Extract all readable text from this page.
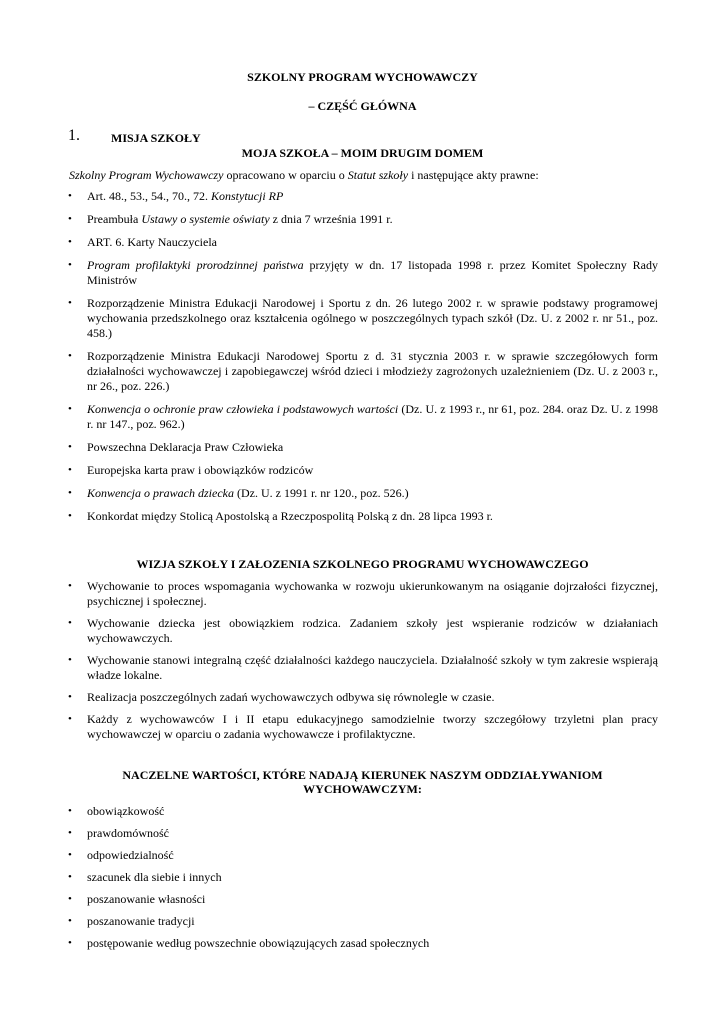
SZKOLNY PROGRAM WYCHOWAWCZY
– CZĘŚĆ GŁÓWNA
1.	MISJA SZKOŁY
MOJA SZKOŁA – MOIM DRUGIM DOMEM
Szkolny Program Wychowawczy opracowano w oparciu o Statut szkoły i następujące akty prawne:
• Art. 48., 53., 54., 70., 72. Konstytucji RP
• Preambuła Ustawy o systemie oświaty z dnia 7 września 1991 r.
• ART. 6. Karty Nauczyciela
• Program profilaktyki prorodzinnej państwa przyjęty w dn. 17 listopada 1998 r. przez Komitet Społeczny Rady Ministrów
• Rozporządzenie Ministra Edukacji Narodowej i Sportu z dn. 26 lutego 2002 r. w sprawie podstawy programowej wychowania przedszkolnego oraz kształcenia ogólnego w poszczególnych typach szkół (Dz. U. z 2002 r. nr 51., poz. 458.)
• Rozporządzenie Ministra Edukacji Narodowej Sportu z d. 31 stycznia 2003 r. w sprawie szczegółowych form działalności wychowawczej i zapobiegawczej wśród dzieci i młodzieży zagrożonych uzależnieniem (Dz. U. z 2003 r., nr 26., poz. 226.)
• Konwencja o ochronie praw człowieka i podstawowych wartości (Dz. U. z 1993 r., nr 61, poz. 284. oraz Dz. U. z 1998 r. nr 147., poz. 962.)
• Powszechna Deklaracja Praw Człowieka
• Europejska karta praw i obowiązków rodziców
• Konwencja o prawach dziecka (Dz. U. z 1991 r. nr 120., poz. 526.)
• Konkordat między Stolicą Apostolską a Rzeczpospolitą Polską z dn. 28 lipca 1993 r.
WIZJA SZKOŁY I ZAŁOZENIA SZKOLNEGO PROGRAMU WYCHOWAWCZEGO
• Wychowanie to proces wspomagania wychowanka w rozwoju ukierunkowanym na osiąganie dojrzałości fizycznej, psychicznej i społecznej.
• Wychowanie dziecka jest obowiązkiem rodzica. Zadaniem szkoły jest wspieranie rodziców w działaniach wychowawczych.
• Wychowanie stanowi integralną część działalności każdego nauczyciela. Działalność szkoły w tym zakresie wspierają władze lokalne.
• Realizacja poszczególnych zadań wychowawczych odbywa się równolegle w czasie.
• Każdy z wychowawców I i II etapu edukacyjnego samodzielnie tworzy szczegółowy trzyletni plan pracy wychowawczej w oparciu o zadania wychowawcze i profilaktyczne.
NACZELNE WARTOŚCI, KTÓRE NADAJĄ KIERUNEK NASZYM ODDZIAŁYWANIOM
WYCHOWAWCZYM:
• obowiązkowość
• prawdomówność
• odpowiedzialność
• szacunek dla siebie i innych
• poszanowanie własności
• poszanowanie tradycji
• postępowanie według powszechnie obowiązujących zasad społecznych
